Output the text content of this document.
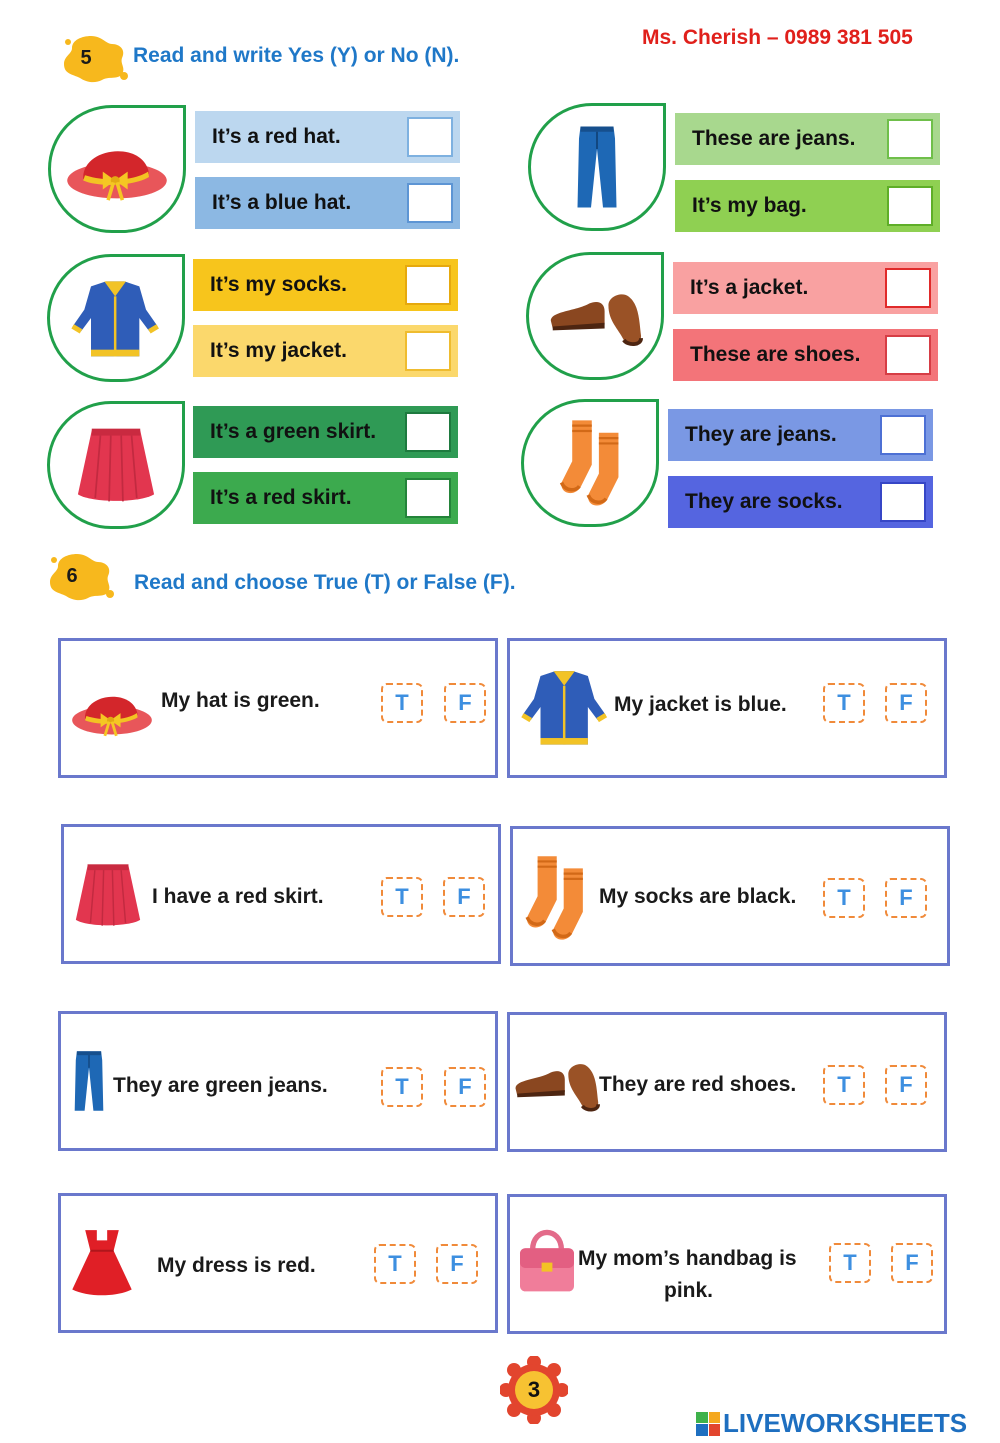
Ms. Cherish – 0989 381 505
5	Read and write Yes (Y) or No (N).
It’s a red hat.
It’s a blue hat.
It’s my socks.
It’s my jacket.
It’s a green skirt.
It’s a red skirt.
These are jeans.
It’s my bag.
It’s a jacket.
These are shoes.
They are jeans.
They are socks.
6	Read and choose True (T) or False (F).
My hat is green.	T	F	My jacket is blue.	T	F
I have a red skirt.	T	F	My socks are black.	T	F
They are green jeans.	T	F	They are red shoes.	T	F
My dress is red.	T	F	My mom’s handbag is
pink.
T	F
3
LIVEWORKSHEETS
